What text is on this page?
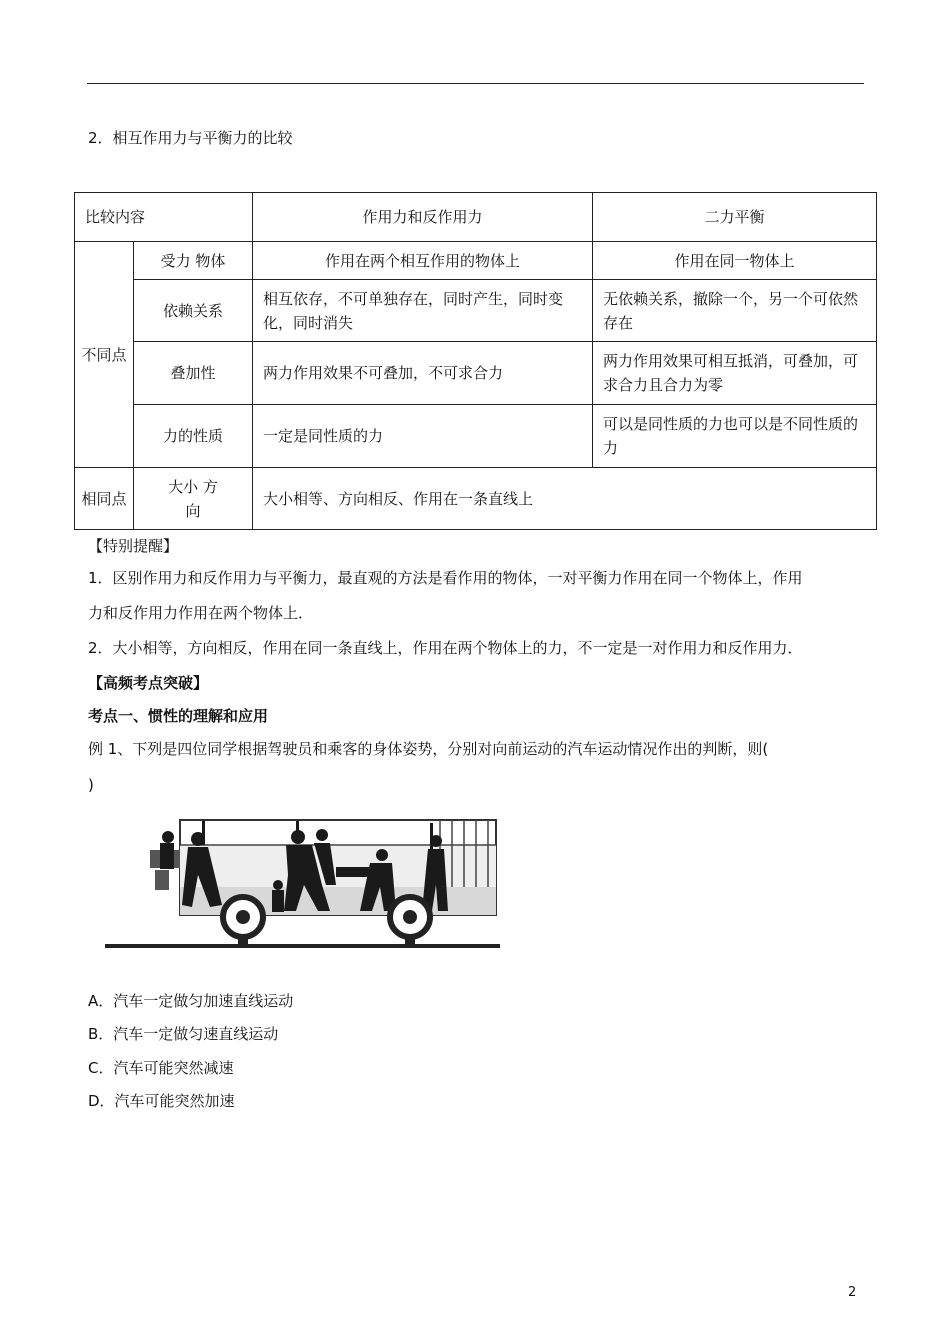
2．相互作用力与平衡力的比较
比较内容		作用力和反作用力	二力平衡
不同点	受力 物体	作用在两个相互作用的物体上	作用在同一物体上
	依赖关系	相互依存，不可单独存在，同时产生，同时变化，同时消失	无依赖关系，撤除一个，另一个可依然存在
	叠加性	两力作用效果不可叠加，不可求合力	两力作用效果可相互抵消，可叠加，可求合力且合力为零
	力的性质	一定是同性质的力	可以是同性质的力也可以是不同性质的力
相同点	大小 方向	大小相等、方向相反、作用在一条直线上	
【特别提醒】
1．区别作用力和反作用力与平衡力，最直观的方法是看作用的物体，一对平衡力作用在同一个物体上，作用
力和反作用力作用在两个物体上．
2．大小相等，方向相反，作用在同一条直线上，作用在两个物体上的力，不一定是一对作用力和反作用力．
【高频考点突破】
考点一、惯性的理解和应用
例 1、下列是四位同学根据驾驶员和乘客的身体姿势，分别对向前运动的汽车运动情况作出的判断，则(
)
A．汽车一定做匀加速直线运动
B．汽车一定做匀速直线运动
C．汽车可能突然减速
D．汽车可能突然加速
2
